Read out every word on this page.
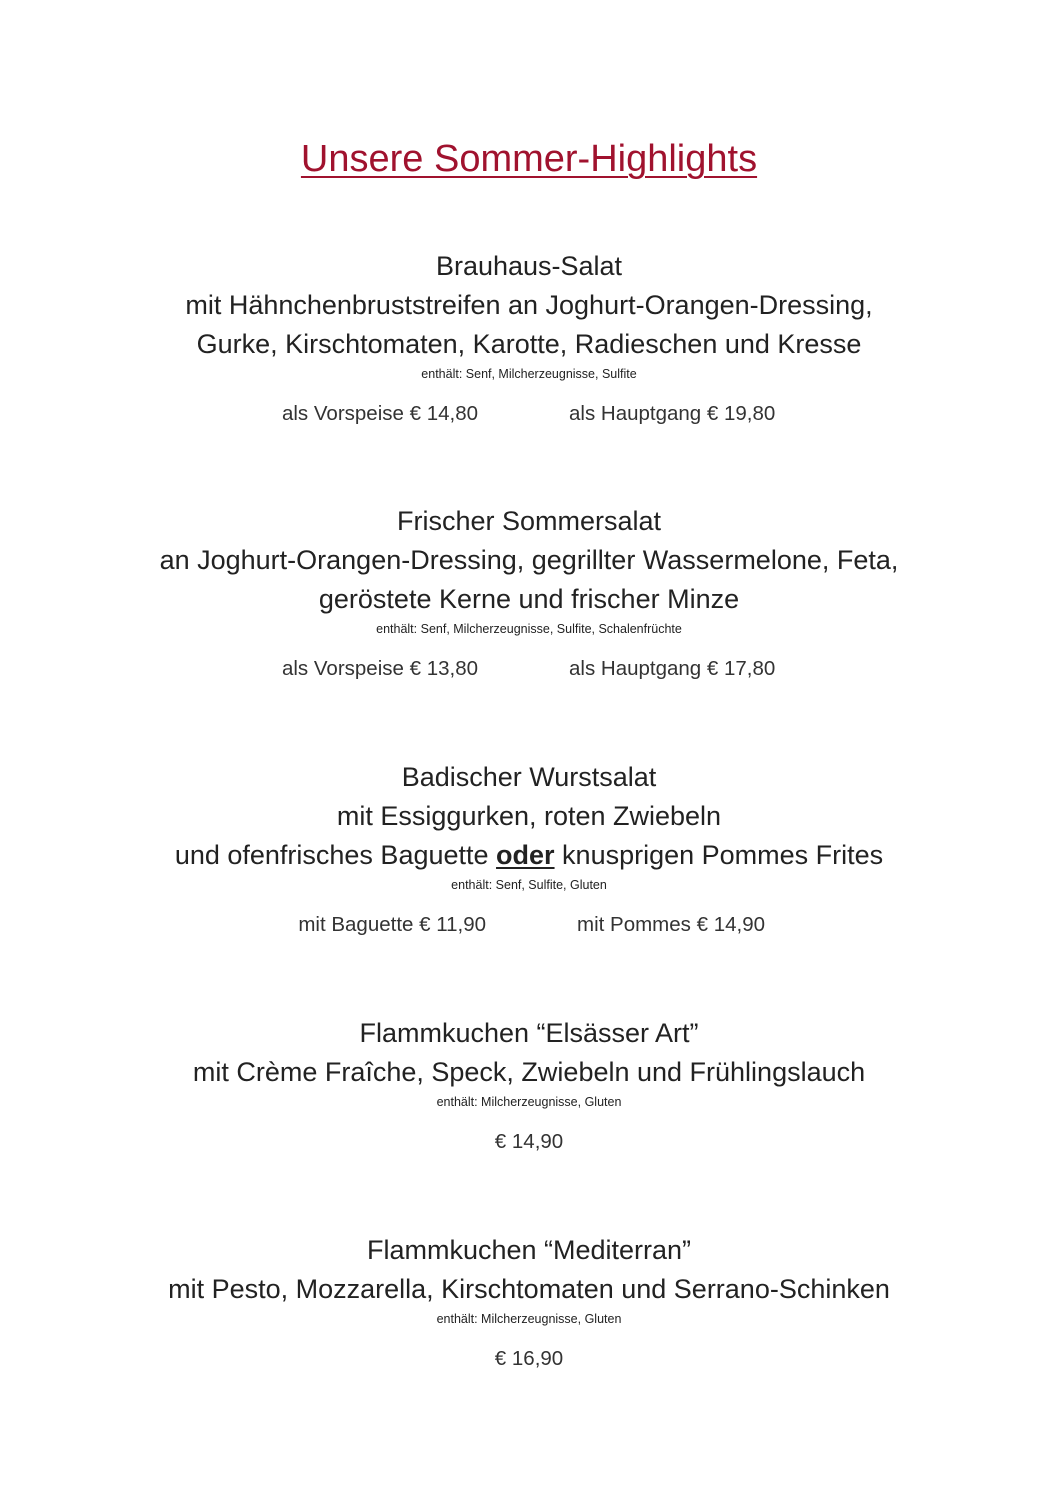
Unsere Sommer-Highlights
Brauhaus-Salat
mit Hähnchenbruststreifen an Joghurt-Orangen-Dressing,
Gurke, Kirschtomaten, Karotte, Radieschen und Kresse
enthält: Senf, Milcherzeugnisse, Sulfite
als Vorspeise € 14,80	als Hauptgang € 19,80
Frischer Sommersalat
an Joghurt-Orangen-Dressing, gegrillter Wassermelone, Feta,
geröstete Kerne und frischer Minze
enthält: Senf, Milcherzeugnisse, Sulfite, Schalenfrüchte
als Vorspeise € 13,80	als Hauptgang € 17,80
Badischer Wurstsalat
mit Essiggurken, roten Zwiebeln
und ofenfrisches Baguette oder knusprigen Pommes Frites
enthält: Senf, Sulfite, Gluten
mit Baguette € 11,90	mit Pommes € 14,90
Flammkuchen “Elsässer Art”
mit Crème Fraîche, Speck, Zwiebeln und Frühlingslauch
enthält: Milcherzeugnisse, Gluten
€ 14,90
Flammkuchen “Mediterran”
mit Pesto, Mozzarella, Kirschtomaten und Serrano-Schinken
enthält: Milcherzeugnisse, Gluten
€ 16,90
